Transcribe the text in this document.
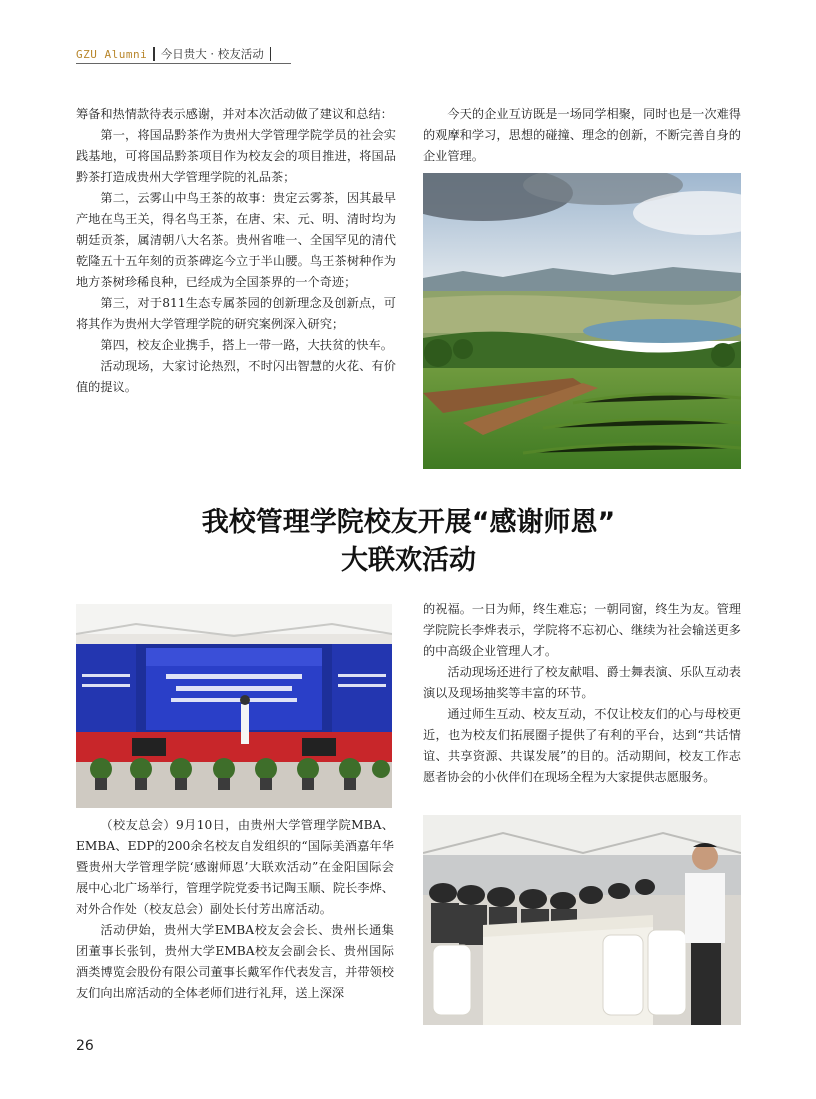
GZU Alumni 今日贵大 · 校友活动

筹备和热情款待表示感谢，并对本次活动做了建议和总结：

第一，将国品黔茶作为贵州大学管理学院学员的社会实践基地，可将国品黔茶项目作为校友会的项目推进，将国品黔茶打造成贵州大学管理学院的礼品茶；

第二，云雾山中鸟王茶的故事：贵定云雾茶，因其最早产地在鸟王关，得名鸟王茶，在唐、宋、元、明、清时均为朝廷贡茶，属清朝八大名茶。贵州省唯一、全国罕见的清代乾隆五十五年刻的贡茶碑迄今立于半山腰。鸟王茶树种作为地方茶树珍稀良种，已经成为全国茶界的一个奇迹；

第三，对于811生态专属茶园的创新理念及创新点，可将其作为贵州大学管理学院的研究案例深入研究；

第四，校友企业携手，搭上一带一路，大扶贫的快车。

活动现场，大家讨论热烈，不时闪出智慧的火花、有价值的提议。

今天的企业互访既是一场同学相聚，同时也是一次难得的观摩和学习，思想的碰撞、理念的创新，不断完善自身的企业管理。

我校管理学院校友开展“感谢师恩”
大联欢活动

（校友总会）9月10日，由贵州大学管理学院MBA、EMBA、EDP的200余名校友自发组织的“国际美酒嘉年华暨贵州大学管理学院‘感谢师恩’大联欢活动”在金阳国际会展中心北广场举行，管理学院党委书记陶玉顺、院长李烨、对外合作处（校友总会）副处长付芳出席活动。

活动伊始，贵州大学EMBA校友会会长、贵州长通集团董事长张钊，贵州大学EMBA校友会副会长、贵州国际酒类博览会股份有限公司董事长戴军作代表发言，并带领校友们向出席活动的全体老师们进行礼拜，送上深深

的祝福。一日为师，终生难忘；一朝同窗，终生为友。管理学院院长李烨表示，学院将不忘初心、继续为社会输送更多的中高级企业管理人才。

活动现场还进行了校友献唱、爵士舞表演、乐队互动表演以及现场抽奖等丰富的环节。

通过师生互动、校友互动，不仅让校友们的心与母校更近，也为校友们拓展圈子提供了有利的平台，达到“共话情谊、共享资源、共谋发展”的目的。活动期间，校友工作志愿者协会的小伙伴们在现场全程为大家提供志愿服务。

26
